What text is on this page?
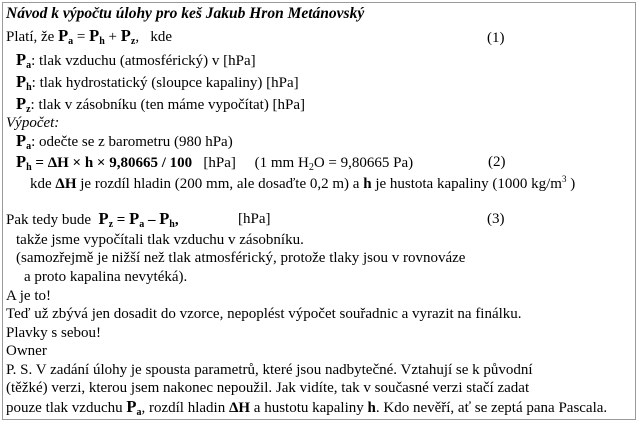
Návod k výpočtu úlohy pro keš Jakub Hron Metánovský
Platí, že $P_a = P_h + P_z$, kde	(1)
$P_a$: tlak vzduchu (atmosférický) v [hPa]
$P_h$: tlak hydrostatický (sloupce kapaliny) [hPa]
$P_z$: tlak v zásobníku (ten máme vypočítat) [hPa]
Výpočet:
$P_a$: odečte se z barometru (980 hPa)
$P_h = \Delta H \times h \times 9,80665 / 100$ [hPa] (1 mm $H_2O = 9,80665$ Pa)	(2)
kde ΔH je rozdíl hladin (200 mm, ale dosaďte 0,2 m) a h je hustota kapaliny (1000 $kg/m^3$ )
Pak tedy bude $P_z = P_a - P_h$,	[hPa]	(3)
takže jsme vypočítali tlak vzduchu v zásobníku.
(samozřejmě je nižší než tlak atmosférický, protože tlaky jsou v rovnováze
a proto kapalina nevytéká).
A je to!
Teď už zbývá jen dosadit do vzorce, nepoplést výpočet souřadnic a vyrazit na finálku.
Plavky s sebou!
Owner
P. S. V zadání úlohy je spousta parametrů, které jsou nadbytečné. Vztahují se k původní
(těžké) verzi, kterou jsem nakonec nepoužil. Jak vidíte, tak v současné verzi stačí zadat
pouze tlak vzduchu $P_a$, rozdíl hladin ΔH a hustotu kapaliny h. Kdo nevěří, ať se zeptá pana Pascala.
